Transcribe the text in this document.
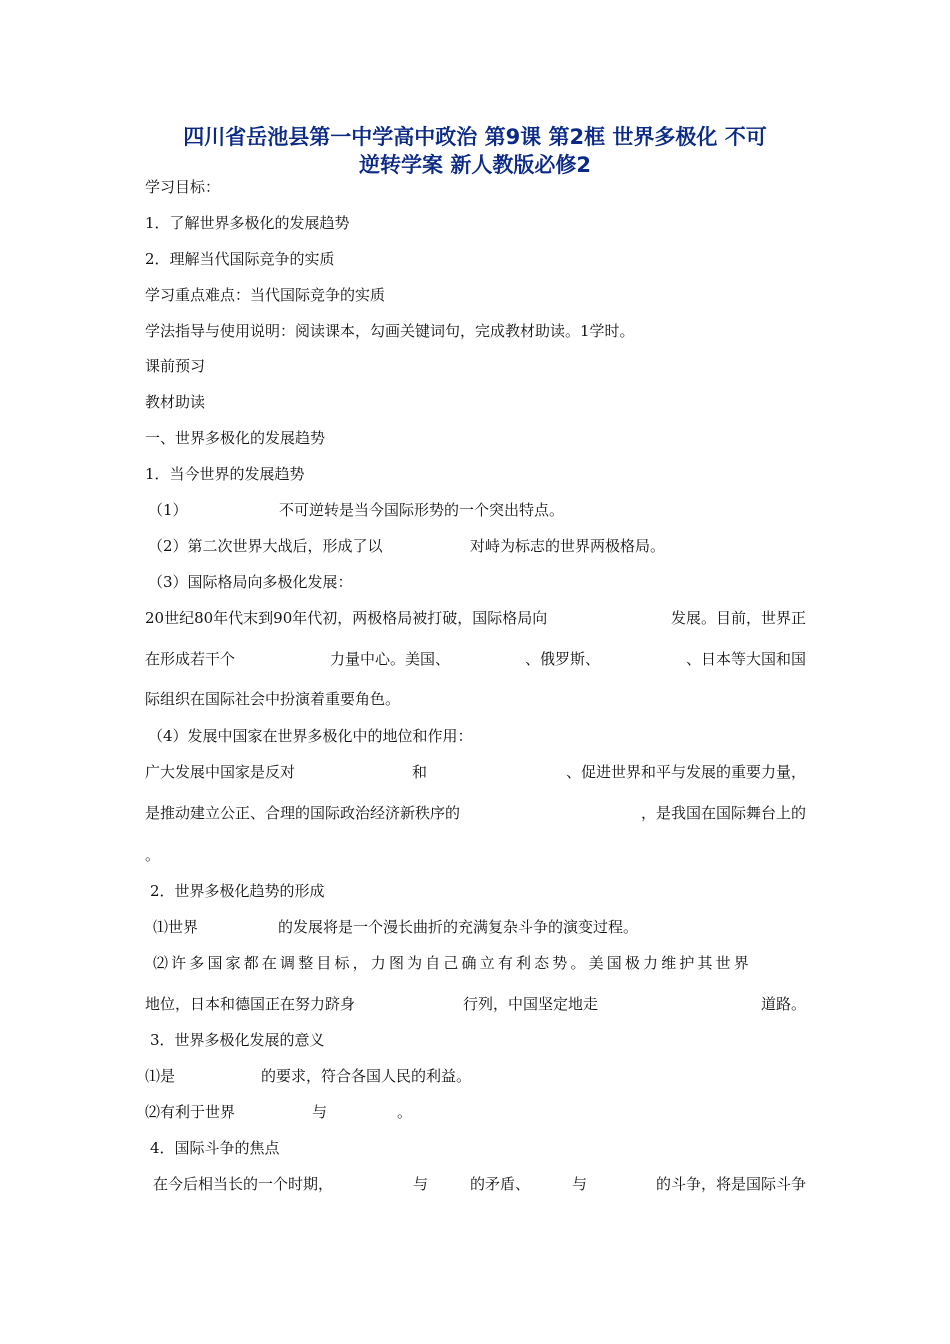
四川省岳池县第一中学高中政治 第9课 第2框 世界多极化 不可
逆转学案 新人教版必修2
学习目标：
1．了解世界多极化的发展趋势
2．理解当代国际竞争的实质
学习重点难点：当代国际竞争的实质
学法指导与使用说明：阅读课本，勾画关键词句，完成教材助读。1学时。
课前预习
教材助读
一、世界多极化的发展趋势
1．当今世界的发展趋势

（1）

	不可逆转是当今国际形势的一个突出特点。

（2）第二次世界大战后，形成了以

	对峙为标志的世界两极格局。

（3）国际格局向多极化发展：

20世纪80年代末到90年代初，两极格局被打破，国际格局向

	发展。目前，世界正

在形成若干个

	力量中心。美国、

	、俄罗斯、

	、日本等大国和国

际组织在国际社会中扮演着重要角色。
（4）发展中国家在世界多极化中的地位和作用：

广大发展中国家是反对

	和

	、促进世界和平与发展的重要力量，

是推动建立公正、合理的国际政治经济新秩序的

	，是我国在国际舞台上的

。
2．世界多极化趋势的形成

⑴世界

	的发展将是一个漫长曲折的充满复杂斗争的演变过程。

⑵许多国家都在调整目标，力图为自己确立有利态势。美国极力维护其世界

地位，日本和德国正在努力跻身

	行列，中国坚定地走

	道路。

3．世界多极化发展的意义

⑴是

	的要求，符合各国人民的利益。

⑵有利于世界

	与

	。

4．国际斗争的焦点

在今后相当长的一个时期，

	与

	的矛盾、

	与

	的斗争，将是国际斗争
